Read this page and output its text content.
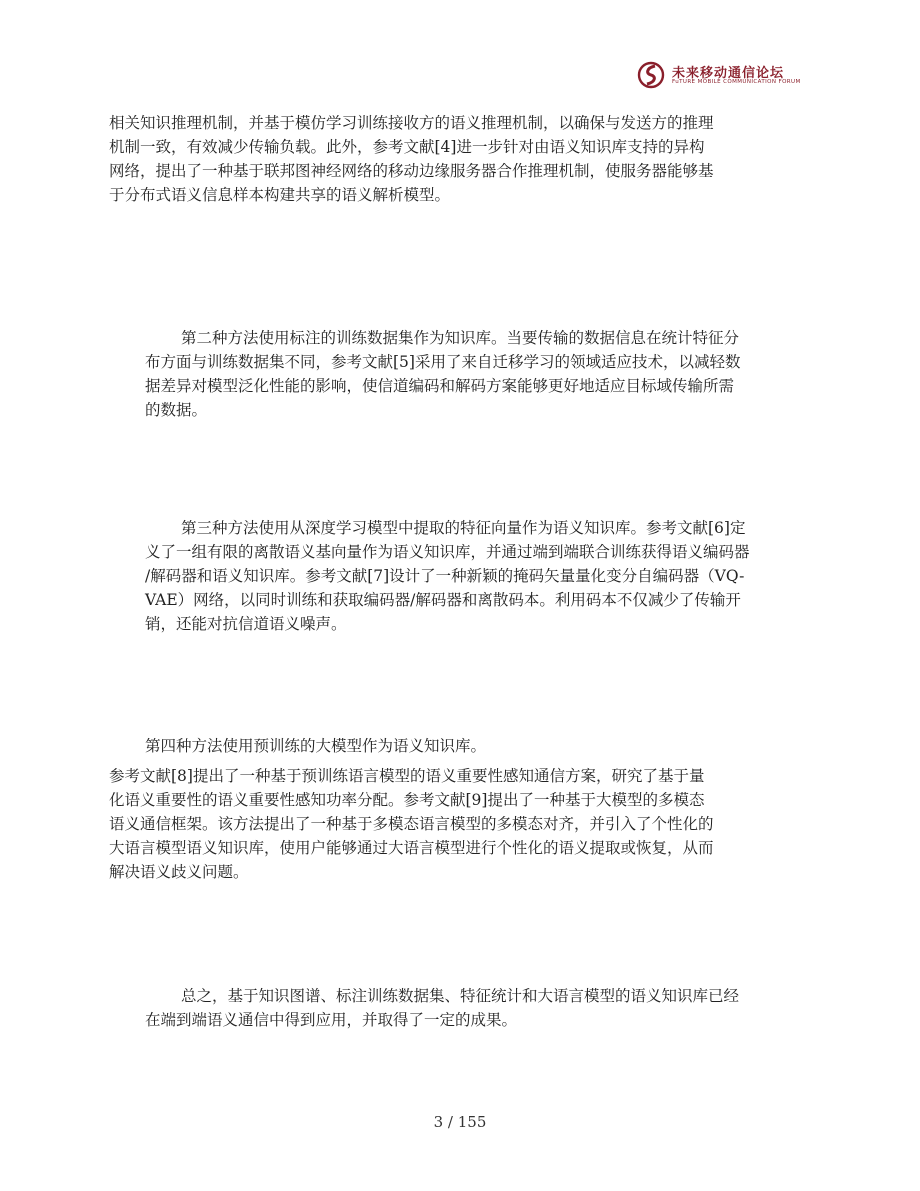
未来移动通信论坛
FuTURE MOBILE COMMUNICATION FORUM
相关知识推理机制，并基于模仿学习训练接收方的语义推理机制，以确保与发送方的推理
机制一致，有效减少传输负载。此外，参考文献[4]进一步针对由语义知识库支持的异构
网络，提出了一种基于联邦图神经网络的移动边缘服务器合作推理机制，使服务器能够基
于分布式语义信息样本构建共享的语义解析模型。
第二种方法使用标注的训练数据集作为知识库。当要传输的数据信息在统计特征分
布方面与训练数据集不同，参考文献[5]采用了来自迁移学习的领域适应技术，以减轻数
据差异对模型泛化性能的影响，使信道编码和解码方案能够更好地适应目标域传输所需
的数据。
第三种方法使用从深度学习模型中提取的特征向量作为语义知识库。参考文献[6]定
义了一组有限的离散语义基向量作为语义知识库，并通过端到端联合训练获得语义编码器
/解码器和语义知识库。参考文献[7]设计了一种新颖的掩码矢量量化变分自编码器（VQ-
VAE）网络，以同时训练和获取编码器/解码器和离散码本。利用码本不仅减少了传输开
销，还能对抗信道语义噪声。
第四种方法使用预训练的大模型作为语义知识库。
参考文献[8]提出了一种基于预训练语言模型的语义重要性感知通信方案，研究了基于量
化语义重要性的语义重要性感知功率分配。参考文献[9]提出了一种基于大模型的多模态
语义通信框架。该方法提出了一种基于多模态语言模型的多模态对齐，并引入了个性化的
大语言模型语义知识库，使用户能够通过大语言模型进行个性化的语义提取或恢复，从而
解决语义歧义问题。
总之，基于知识图谱、标注训练数据集、特征统计和大语言模型的语义知识库已经
在端到端语义通信中得到应用，并取得了一定的成果。
3 / 155
